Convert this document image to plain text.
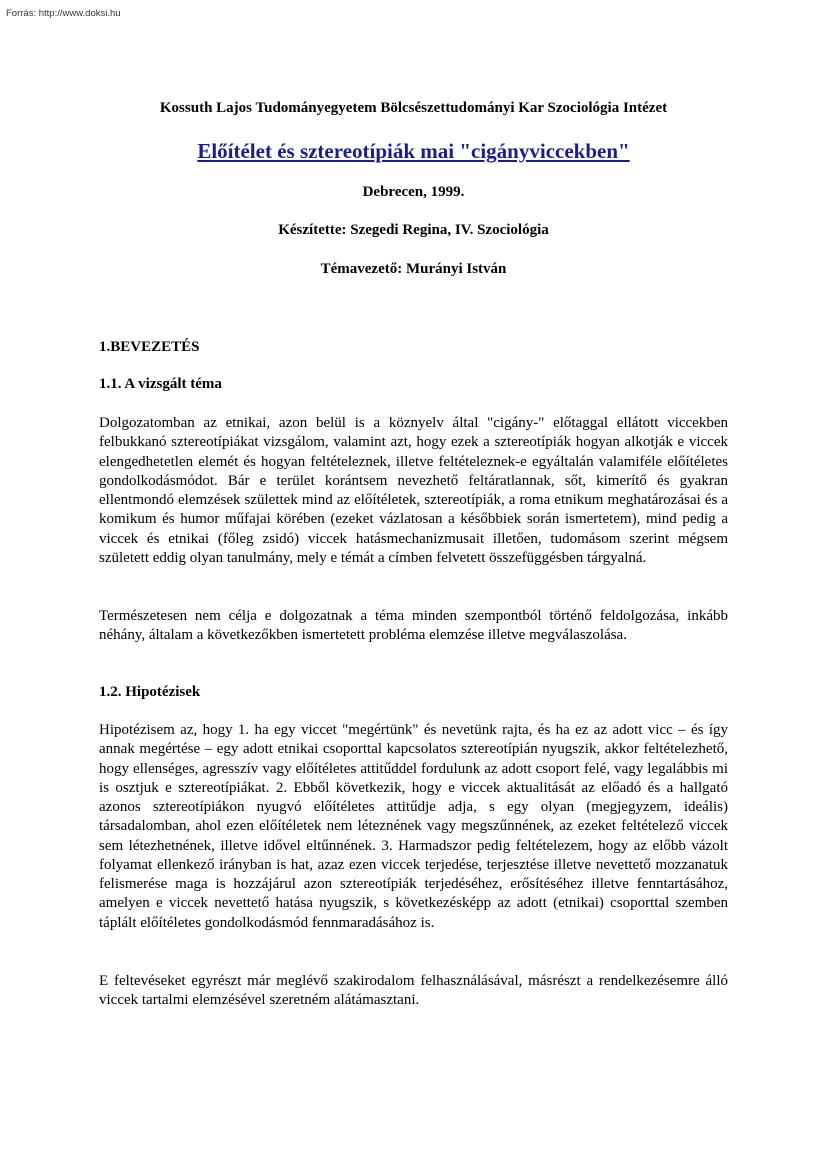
Forrás: http://www.doksi.hu

Kossuth Lajos Tudományegyetem Bölcsészettudományi Kar Szociológia Intézet

Előítélet és sztereotípiák mai "cigányviccekben"

Debrecen, 1999.

Készítette: Szegedi Regina, IV. Szociológia

Témavezető: Murányi István

1.BEVEZETÉS

1.1. A vizsgált téma

Dolgozatomban az etnikai, azon belül is a köznyelv által "cigány-" előtaggal ellátott viccekben felbukkanó sztereotípiákat vizsgálom, valamint azt, hogy ezek a sztereotípiák hogyan alkotják e viccek elengedhetetlen elemét és hogyan feltételeznek, illetve feltételeznek-e egyáltalán valamiféle előítéletes gondolkodásmódot. Bár e terület korántsem nevezhető feltáratlannak, sőt, kimerítő és gyakran ellentmondó elemzések születtek mind az előítéletek, sztereotípiák, a roma etnikum meghatározásai és a komikum és humor műfajai körében (ezeket vázlatosan a későbbiek során ismertetem), mind pedig a viccek és etnikai (főleg zsidó) viccek hatásmechanizmusait illetően, tudomásom szerint mégsem született eddig olyan tanulmány, mely e témát a címben felvetett összefüggésben tárgyalná.

Természetesen nem célja e dolgozatnak a téma minden szempontból történő feldolgozása, inkább néhány, általam a következőkben ismertetett probléma elemzése illetve megválaszolása.

1.2. Hipotézisek

Hipotézisem az, hogy 1. ha egy viccet "megértünk" és nevetünk rajta, és ha ez az adott vicc – és így annak megértése – egy adott etnikai csoporttal kapcsolatos sztereotípián nyugszik, akkor feltételezhető, hogy ellenséges, agresszív vagy előítéletes attitűddel fordulunk az adott csoport felé, vagy legalábbis mi is osztjuk e sztereotípiákat. 2. Ebből következik, hogy e viccek aktualitását az előadó és a hallgató azonos sztereotípiákon nyugvó előítéletes attitűdje adja, s egy olyan (megjegyzem, ideális) társadalomban, ahol ezen előítéletek nem léteznének vagy megszűnnének, az ezeket feltételező viccek sem létezhetnének, illetve idővel eltűnnének. 3. Harmadszor pedig feltételezem, hogy az előbb vázolt folyamat ellenkező irányban is hat, azaz ezen viccek terjedése, terjesztése illetve nevettető mozzanatuk felismerése maga is hozzájárul azon sztereotípiák terjedéséhez, erősítéséhez illetve fenntartásához, amelyen e viccek nevettető hatása nyugszik, s következésképp az adott (etnikai) csoporttal szemben táplált előítéletes gondolkodásmód fennmaradásához is.

E feltevéseket egyrészt már meglévő szakirodalom felhasználásával, másrészt a rendelkezésemre álló viccek tartalmi elemzésével szeretném alátámasztani.
